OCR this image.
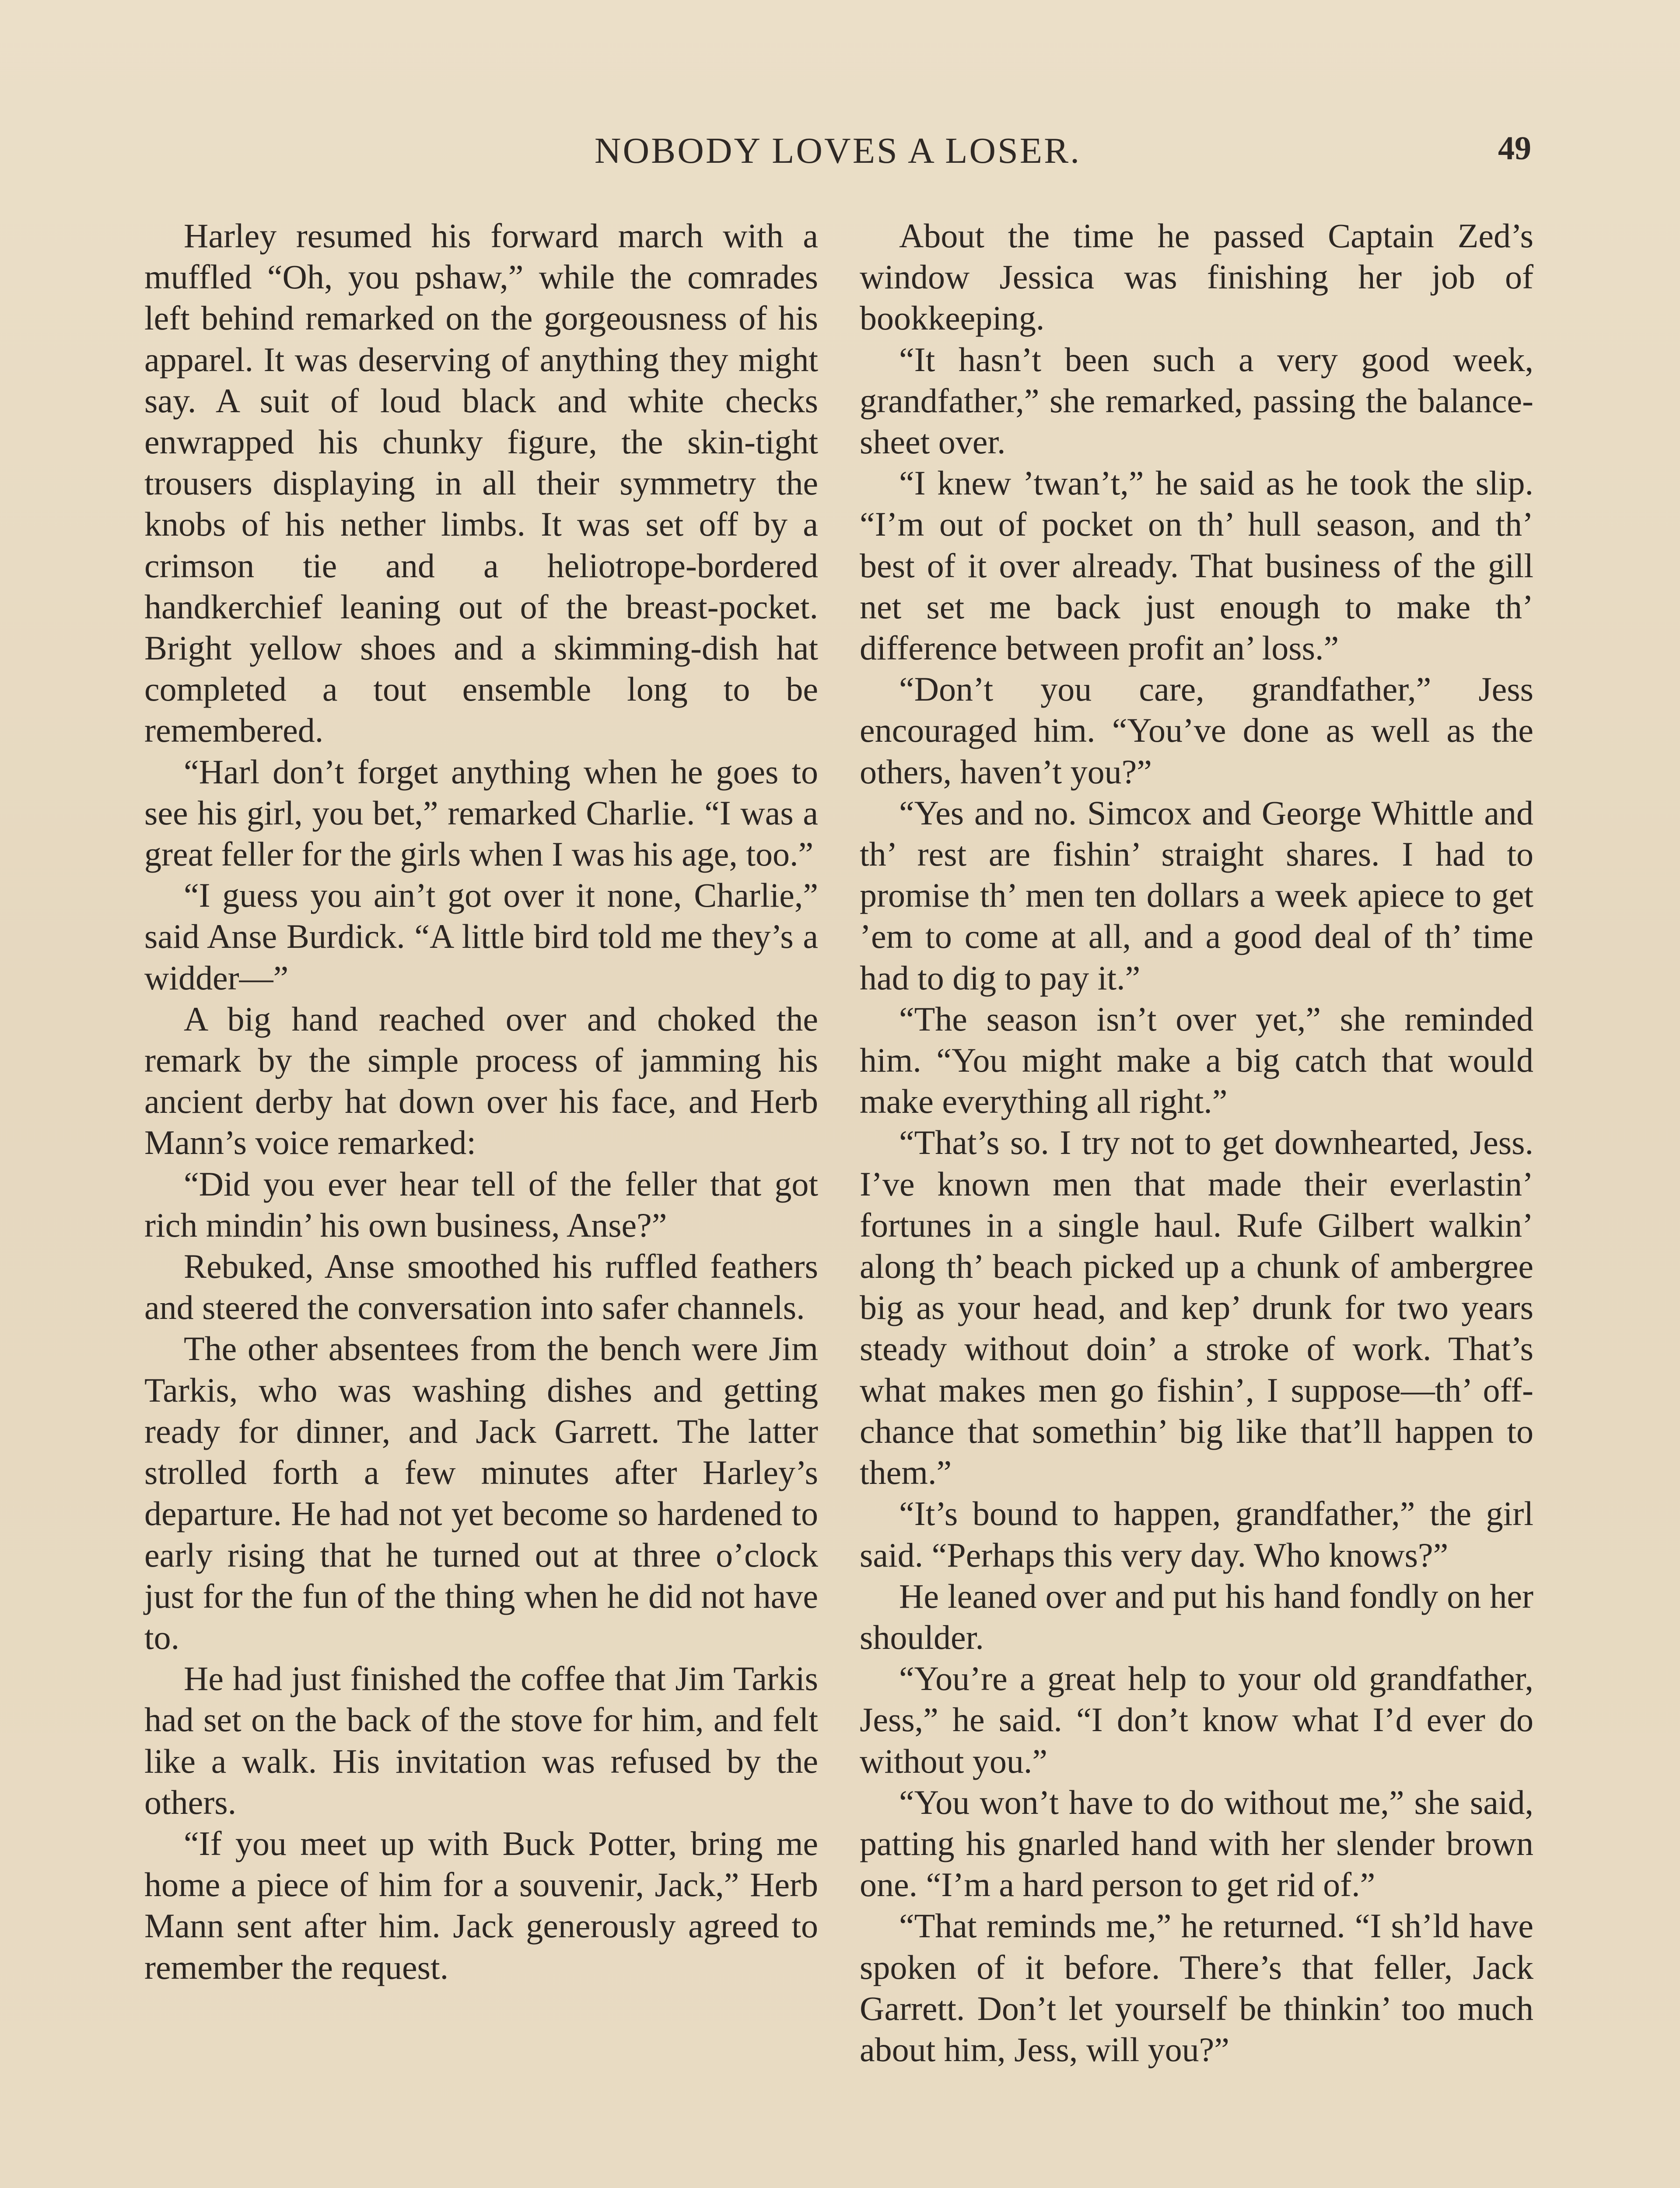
NOBODY LOVES A LOSER.	49

Harley resumed his forward march with a muffled “Oh, you pshaw,” while the comrades left behind remarked on the gorgeousness of his apparel. It was deserving of anything they might say. A suit of loud black and white checks enwrapped his chunky figure, the skin-tight trousers displaying in all their symmetry the knobs of his nether limbs. It was set off by a crimson tie and a heliotrope-bordered handkerchief leaning out of the breast-pocket. Bright yellow shoes and a skimming-dish hat completed a tout ensemble long to be remembered.

“Harl don’t forget anything when he goes to see his girl, you bet,” remarked Charlie. “I was a great feller for the girls when I was his age, too.”

“I guess you ain’t got over it none, Charlie,” said Anse Burdick. “A little bird told me they’s a widder—”

A big hand reached over and choked the remark by the simple process of jamming his ancient derby hat down over his face, and Herb Mann’s voice remarked:

“Did you ever hear tell of the feller that got rich mindin’ his own business, Anse?”

Rebuked, Anse smoothed his ruffled feathers and steered the conversation into safer channels.

The other absentees from the bench were Jim Tarkis, who was washing dishes and getting ready for dinner, and Jack Garrett. The latter strolled forth a few minutes after Harley’s departure. He had not yet become so hardened to early rising that he turned out at three o’clock just for the fun of the thing when he did not have to.

He had just finished the coffee that Jim Tarkis had set on the back of the stove for him, and felt like a walk. His invitation was refused by the others.

“If you meet up with Buck Potter, bring me home a piece of him for a souvenir, Jack,” Herb Mann sent after him. Jack generously agreed to remember the request.

About the time he passed Captain Zed’s window Jessica was finishing her job of bookkeeping.

“It hasn’t been such a very good week, grandfather,” she remarked, passing the balance-sheet over.

“I knew ’twan’t,” he said as he took the slip. “I’m out of pocket on th’ hull season, and th’ best of it over already. That business of the gill net set me back just enough to make th’ difference between profit an’ loss.”

“Don’t you care, grandfather,” Jess encouraged him. “You’ve done as well as the others, haven’t you?”

“Yes and no. Simcox and George Whittle and th’ rest are fishin’ straight shares. I had to promise th’ men ten dollars a week apiece to get ’em to come at all, and a good deal of th’ time had to dig to pay it.”

“The season isn’t over yet,” she reminded him. “You might make a big catch that would make everything all right.”

“That’s so. I try not to get downhearted, Jess. I’ve known men that made their everlastin’ fortunes in a single haul. Rufe Gilbert walkin’ along th’ beach picked up a chunk of ambergree big as your head, and kep’ drunk for two years steady without doin’ a stroke of work. That’s what makes men go fishin’, I suppose—th’ off-chance that somethin’ big like that’ll happen to them.”

“It’s bound to happen, grandfather,” the girl said. “Perhaps this very day. Who knows?”

He leaned over and put his hand fondly on her shoulder.

“You’re a great help to your old grandfather, Jess,” he said. “I don’t know what I’d ever do without you.”

“You won’t have to do without me,” she said, patting his gnarled hand with her slender brown one. “I’m a hard person to get rid of.”

“That reminds me,” he returned. “I sh’ld have spoken of it before. There’s that feller, Jack Garrett. Don’t let yourself be thinkin’ too much about him, Jess, will you?”
